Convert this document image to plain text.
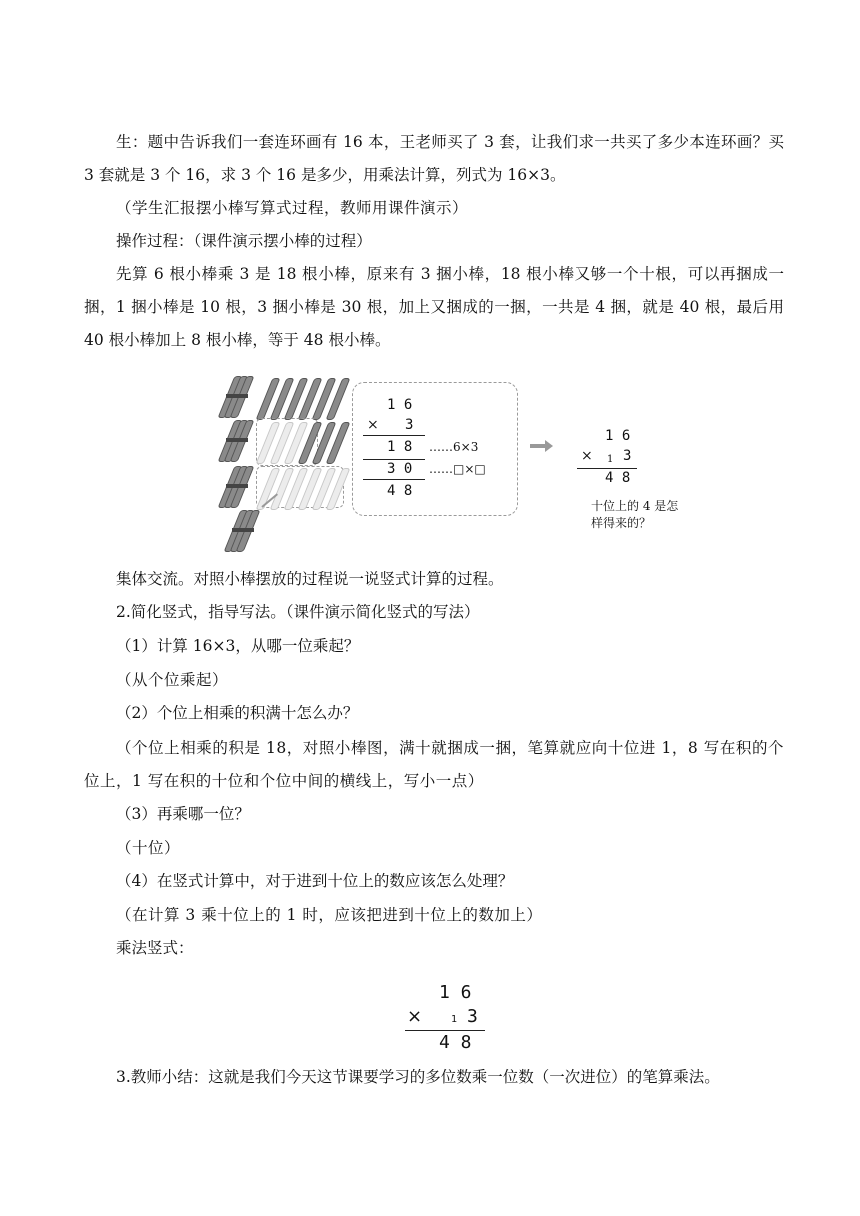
生：题中告诉我们一套连环画有 16 本，王老师买了 3 套，让我们求一共买了多少本连环画？买 3 套就是 3 个 16，求 3 个 16 是多少，用乘法计算，列式为 16×3。

（学生汇报摆小棒写算式过程，教师用课件演示）

操作过程：（课件演示摆小棒的过程）

先算 6 根小棒乘 3 是 18 根小棒，原来有 3 捆小棒，18 根小棒又够一个十根，可以再捆成一捆，1 捆小棒是 10 根，3 捆小棒是 30 根，加上又捆成的一捆，一共是 4 捆，就是 40 根，最后用 40 根小棒加上 8 根小棒，等于 48 根小棒。

1 6
× 3
1 8 ……6×3
3 0 ……□×□
4 8
1 6
× 1 3
4 8
十位上的 4 是怎样得来的？

集体交流。对照小棒摆放的过程说一说竖式计算的过程。

2.简化竖式，指导写法。（课件演示简化竖式的写法）

（1）计算 16×3，从哪一位乘起？

（从个位乘起）

（2）个位上相乘的积满十怎么办？

（个位上相乘的积是 18，对照小棒图，满十就捆成一捆，笔算就应向十位进 1，8 写在积的个位上，1 写在积的十位和个位中间的横线上，写小一点）

（3）再乘哪一位？

（十位）

（4）在竖式计算中，对于进到十位上的数应该怎么处理？

（在计算 3 乘十位上的 1 时，应该把进到十位上的数加上）

乘法竖式：

1 6
×	1 3
4 8

3.教师小结：这就是我们今天这节课要学习的多位数乘一位数（一次进位）的笔算乘法。
